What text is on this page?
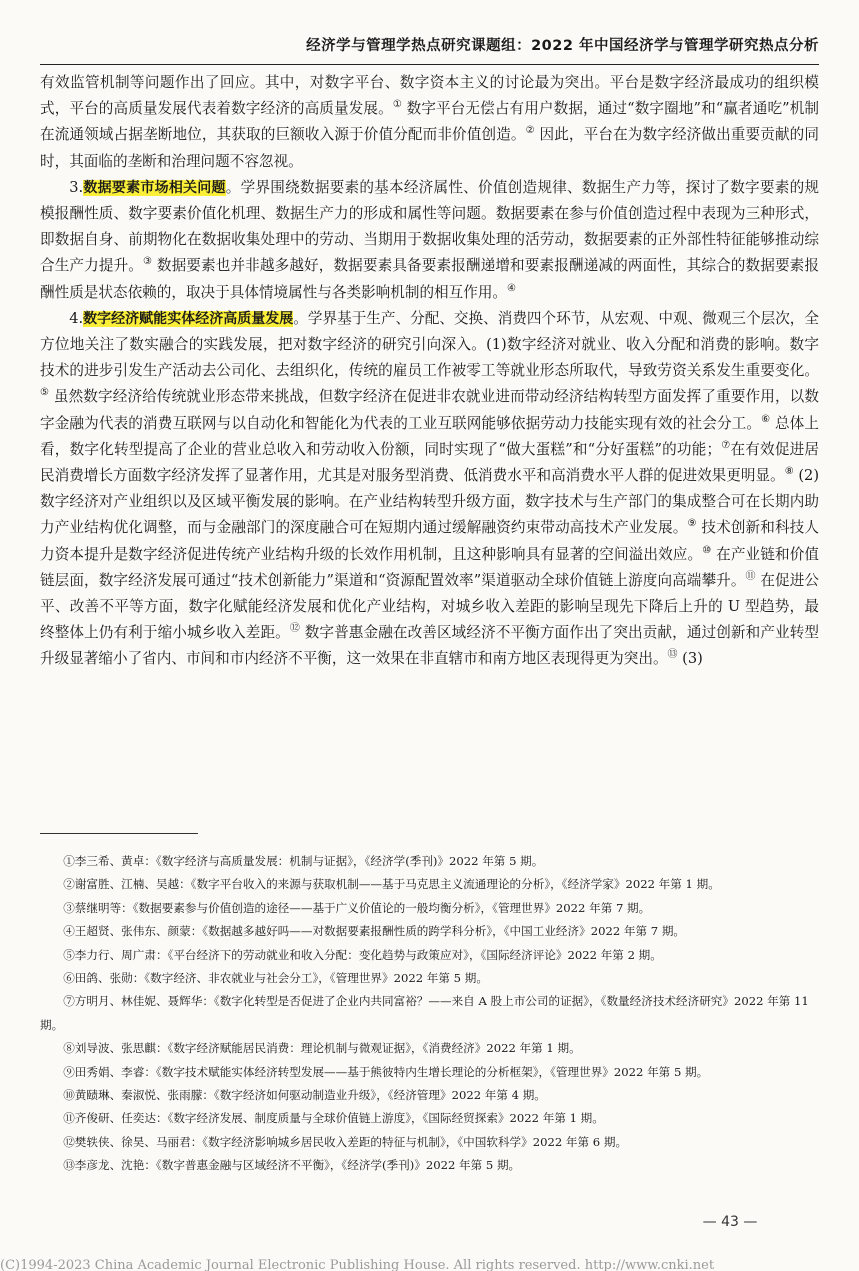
经济学与管理学热点研究课题组：2022 年中国经济学与管理学研究热点分析

有效监管机制等问题作出了回应。其中，对数字平台、数字资本主义的讨论最为突出。平台是数字经济最成功的组织模式，平台的高质量发展代表着数字经济的高质量发展。① 数字平台无偿占有用户数据，通过“数字圈地”和“赢者通吃”机制在流通领域占据垄断地位，其获取的巨额收入源于价值分配而非价值创造。② 因此，平台在为数字经济做出重要贡献的同时，其面临的垄断和治理问题不容忽视。

3.数据要素市场相关问题。学界围绕数据要素的基本经济属性、价值创造规律、数据生产力等，探讨了数字要素的规模报酬性质、数字要素价值化机理、数据生产力的形成和属性等问题。数据要素在参与价值创造过程中表现为三种形式，即数据自身、前期物化在数据收集处理中的劳动、当期用于数据收集处理的活劳动，数据要素的正外部性特征能够推动综合生产力提升。③ 数据要素也并非越多越好，数据要素具备要素报酬递增和要素报酬递减的两面性，其综合的数据要素报酬性质是状态依赖的，取决于具体情境属性与各类影响机制的相互作用。④

4.数字经济赋能实体经济高质量发展。学界基于生产、分配、交换、消费四个环节，从宏观、中观、微观三个层次，全方位地关注了数实融合的实践发展，把对数字经济的研究引向深入。(1)数字经济对就业、收入分配和消费的影响。数字技术的进步引发生产活动去公司化、去组织化，传统的雇员工作被零工等就业形态所取代，导致劳资关系发生重要变化。⑤ 虽然数字经济给传统就业形态带来挑战，但数字经济在促进非农就业进而带动经济结构转型方面发挥了重要作用，以数字金融为代表的消费互联网与以自动化和智能化为代表的工业互联网能够依据劳动力技能实现有效的社会分工。⑥ 总体上看，数字化转型提高了企业的营业总收入和劳动收入份额，同时实现了“做大蛋糕”和“分好蛋糕”的功能；⑦在有效促进居民消费增长方面数字经济发挥了显著作用，尤其是对服务型消费、低消费水平和高消费水平人群的促进效果更明显。⑧ (2)数字经济对产业组织以及区域平衡发展的影响。在产业结构转型升级方面，数字技术与生产部门的集成整合可在长期内助力产业结构优化调整，而与金融部门的深度融合可在短期内通过缓解融资约束带动高技术产业发展。⑨ 技术创新和科技人力资本提升是数字经济促进传统产业结构升级的长效作用机制，且这种影响具有显著的空间溢出效应。⑩ 在产业链和价值链层面，数字经济发展可通过“技术创新能力”渠道和“资源配置效率”渠道驱动全球价值链上游度向高端攀升。⑪ 在促进公平、改善不平等方面，数字化赋能经济发展和优化产业结构，对城乡收入差距的影响呈现先下降后上升的 U 型趋势，最终整体上仍有利于缩小城乡收入差距。⑫ 数字普惠金融在改善区域经济不平衡方面作出了突出贡献，通过创新和产业转型升级显著缩小了省内、市间和市内经济不平衡，这一效果在非直辖市和南方地区表现得更为突出。⑬ (3)

①李三希、黄卓：《数字经济与高质量发展：机制与证据》，《经济学(季刊)》2022 年第 5 期。

②谢富胜、江楠、吴越：《数字平台收入的来源与获取机制——基于马克思主义流通理论的分析》，《经济学家》2022 年第 1 期。

③蔡继明等：《数据要素参与价值创造的途径——基于广义价值论的一般均衡分析》，《管理世界》2022 年第 7 期。

④王超贤、张伟东、颜蒙：《数据越多越好吗——对数据要素报酬性质的跨学科分析》，《中国工业经济》2022 年第 7 期。

⑤李力行、周广肃：《平台经济下的劳动就业和收入分配：变化趋势与政策应对》，《国际经济评论》2022 年第 2 期。

⑥田鸽、张勋：《数字经济、非农就业与社会分工》，《管理世界》2022 年第 5 期。

⑦方明月、林佳妮、聂辉华：《数字化转型是否促进了企业内共同富裕？——来自 A 股上市公司的证据》，《数量经济技术经济研究》2022 年第 11 期。

⑧刘导波、张思麒：《数字经济赋能居民消费：理论机制与微观证据》，《消费经济》2022 年第 1 期。

⑨田秀娟、李睿：《数字技术赋能实体经济转型发展——基于熊彼特内生增长理论的分析框架》，《管理世界》2022 年第 5 期。

⑩黄赜琳、秦淑悦、张雨朦：《数字经济如何驱动制造业升级》，《经济管理》2022 年第 4 期。

⑪齐俊研、任奕达：《数字经济发展、制度质量与全球价值链上游度》，《国际经贸探索》2022 年第 1 期。

⑫樊轶侠、徐昊、马丽君：《数字经济影响城乡居民收入差距的特征与机制》，《中国软科学》2022 年第 6 期。

⑬李彦龙、沈艳：《数字普惠金融与区域经济不平衡》，《经济学(季刊)》2022 年第 5 期。

— 43 —
(C)1994-2023 China Academic Journal Electronic Publishing House. All rights reserved. http://www.cnki.net
